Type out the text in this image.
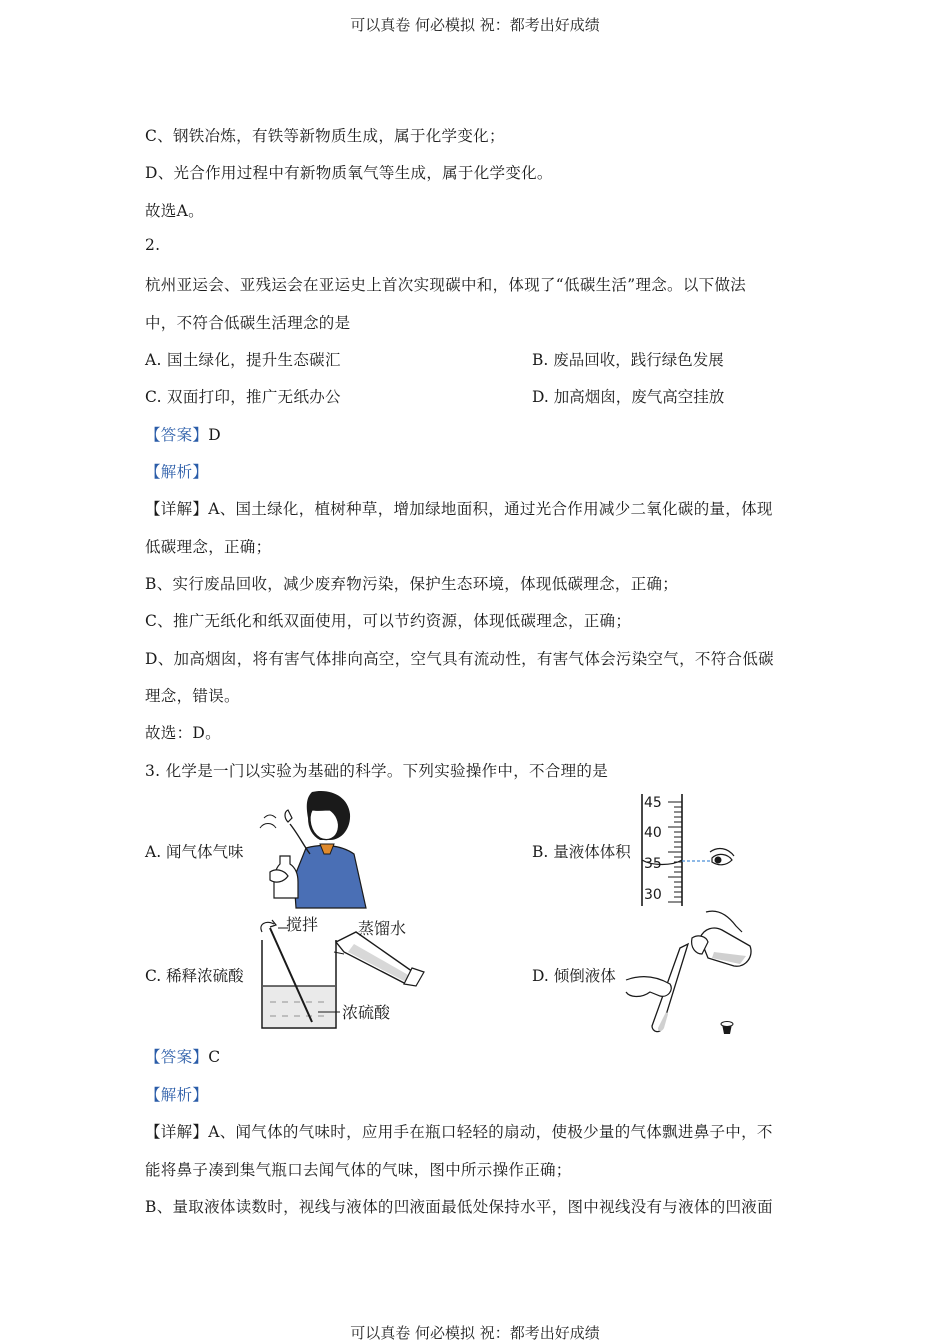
可以真卷 何必模拟 祝：都考出好成绩
C、钢铁冶炼，有铁等新物质生成，属于化学变化；
D、光合作用过程中有新物质氧气等生成，属于化学变化。
故选A。
2.
杭州亚运会、亚残运会在亚运史上首次实现碳中和，体现了“低碳生活”理念。以下做法
中，不符合低碳生活理念的是
A. 国土绿化，提升生态碳汇	B. 废品回收，践行绿色发展
C. 双面打印，推广无纸办公	D. 加高烟囱，废气高空挂放
【答案】D
【解析】
【详解】A、国土绿化，植树种草，增加绿地面积，通过光合作用减少二氧化碳的量，体现
低碳理念，正确；
B、实行废品回收，减少废弃物污染，保护生态环境，体现低碳理念，正确；
C、推广无纸化和纸双面使用，可以节约资源，体现低碳理念，正确；
D、加高烟囱，将有害气体排向高空，空气具有流动性，有害气体会污染空气，不符合低碳
理念，错误。
故选：D。
3. 化学是一门以实验为基础的科学。下列实验操作中，不合理的是
A. 闻气体气味	B. 量液体体积
45
40
35
30
C. 稀释浓硫酸
搅拌 蒸馏水
浓硫酸
D. 倾倒液体
【答案】C
【解析】
【详解】A、闻气体的气味时，应用手在瓶口轻轻的扇动，使极少量的气体飘进鼻子中，不
能将鼻子凑到集气瓶口去闻气体的气味，图中所示操作正确；
B、量取液体读数时，视线与液体的凹液面最低处保持水平，图中视线没有与液体的凹液面
可以真卷 何必模拟 祝：都考出好成绩
